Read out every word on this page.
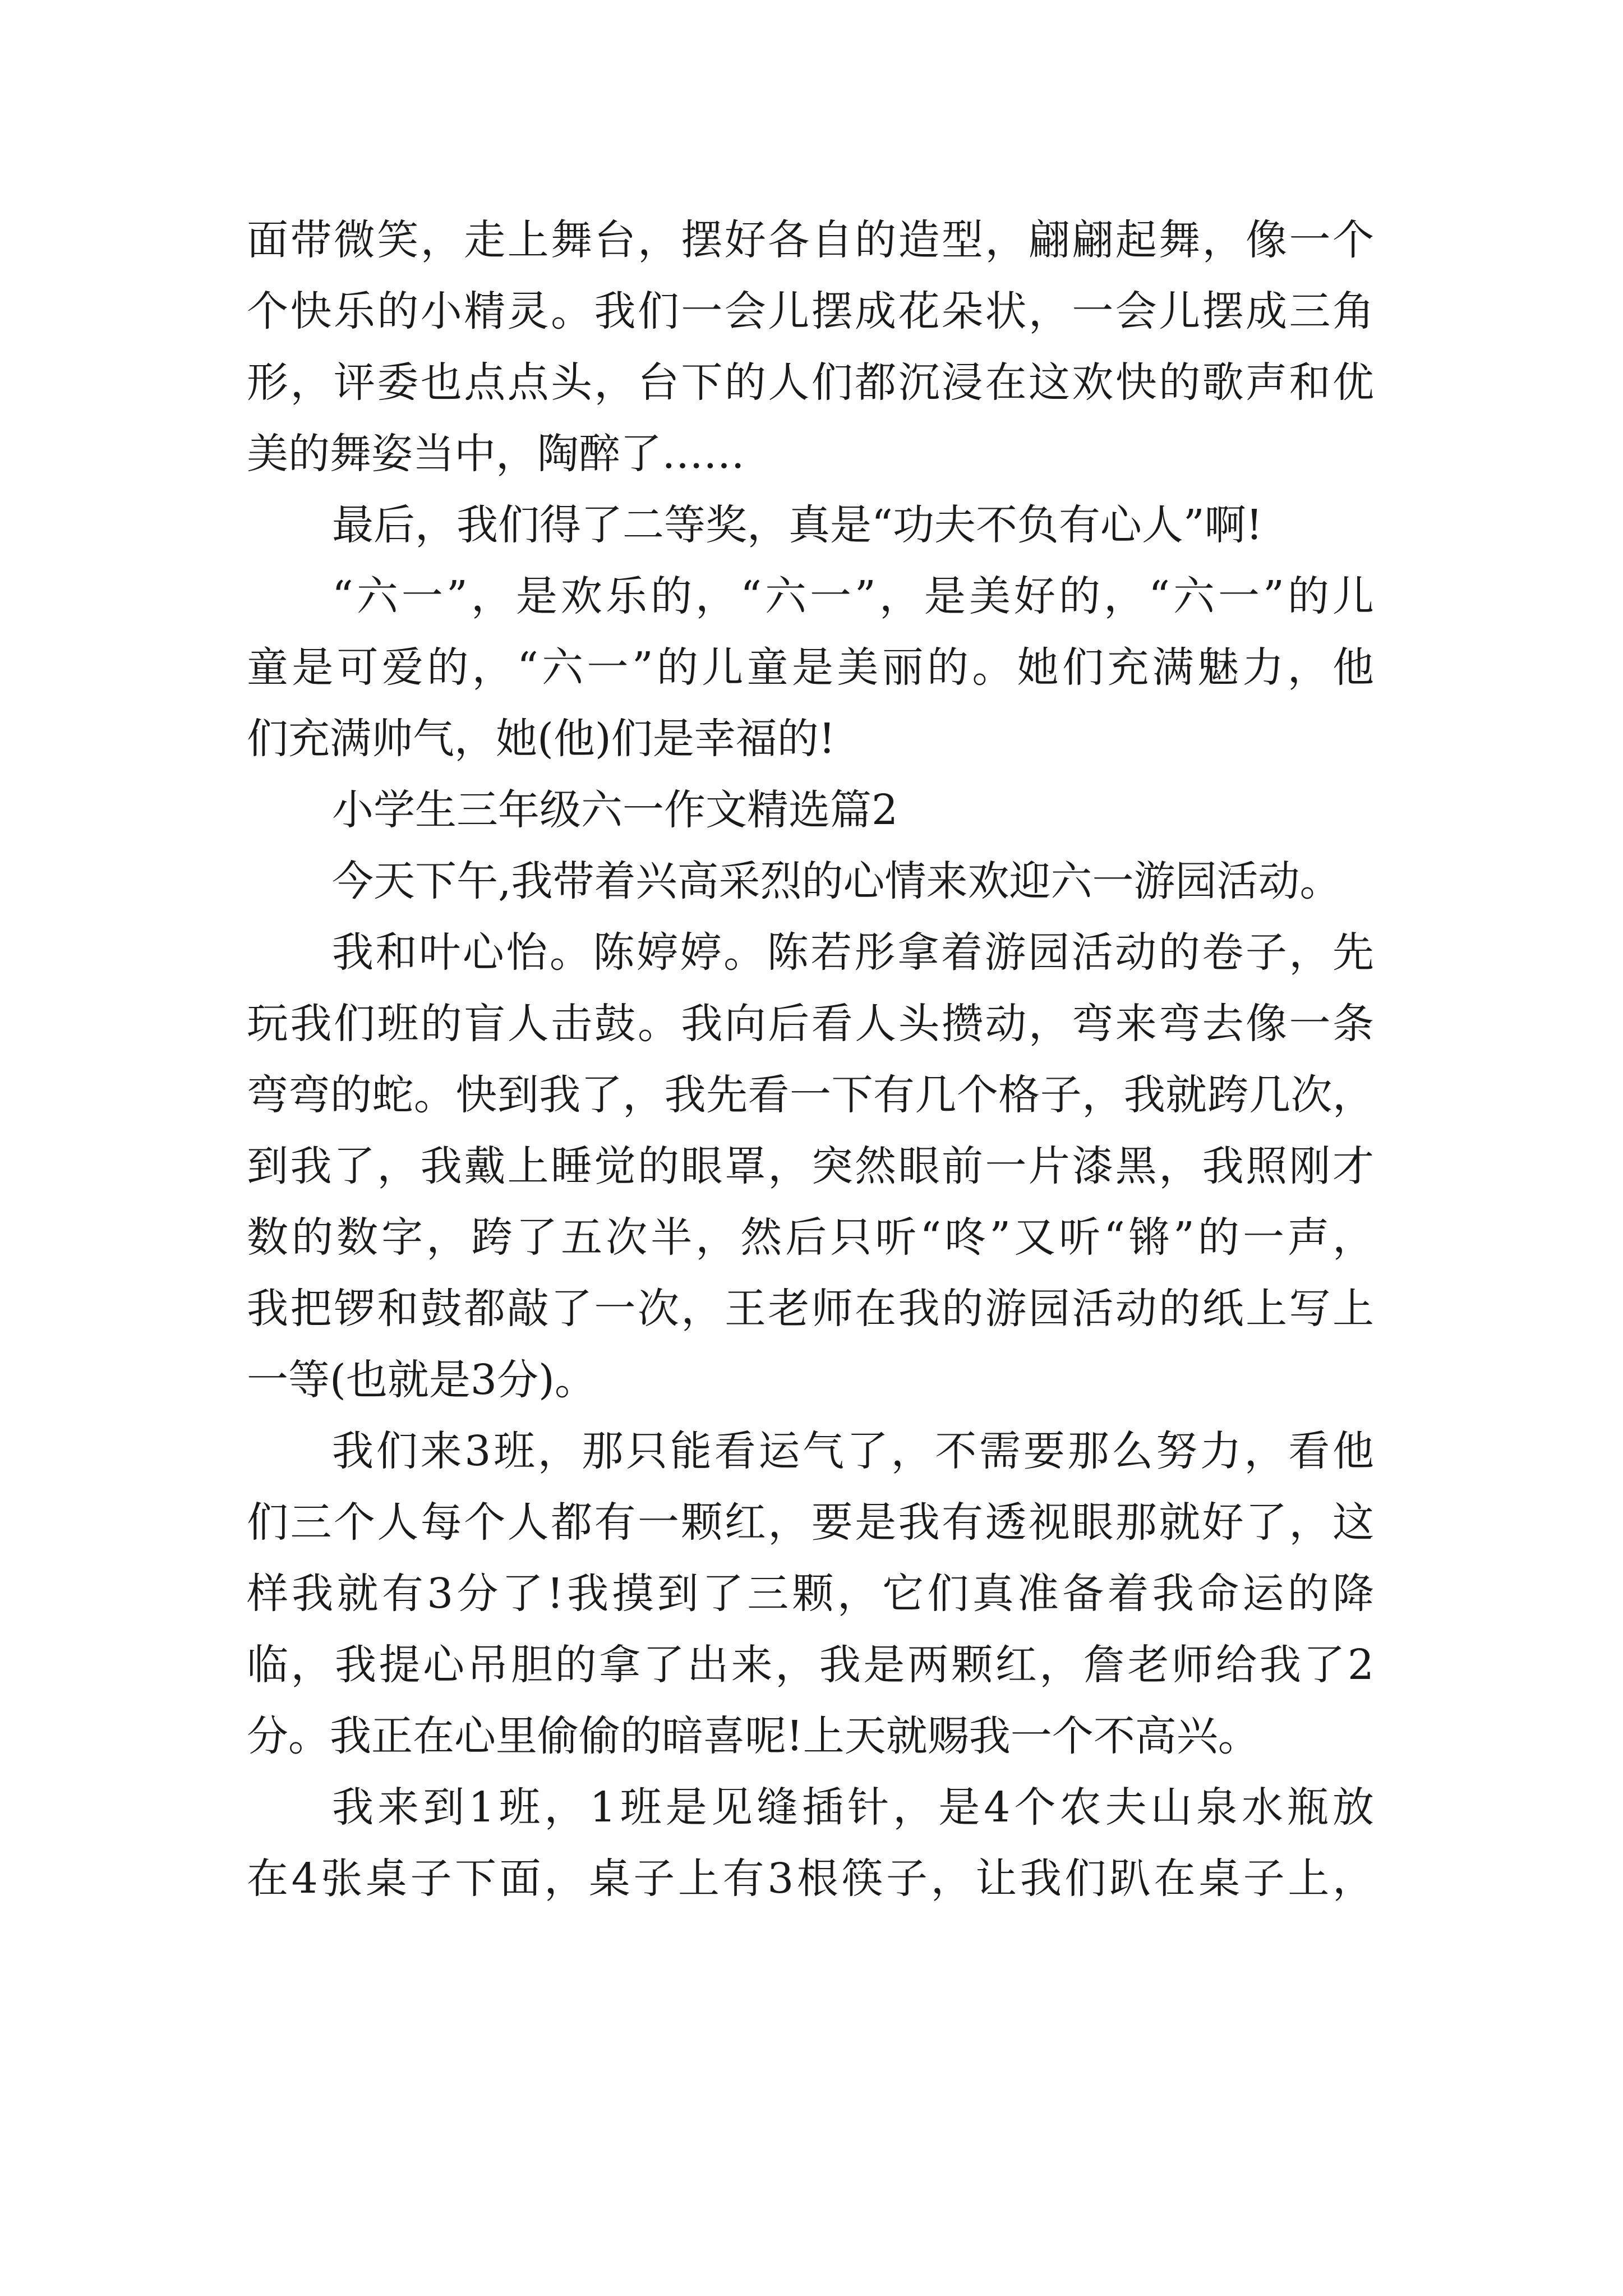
面带微笑，走上舞台，摆好各自的造型，翩翩起舞，像一个
个快乐的小精灵。我们一会儿摆成花朵状，一会儿摆成三角
形，评委也点点头，台下的人们都沉浸在这欢快的歌声和优
美的舞姿当中，陶醉了……
最后，我们得了二等奖，真是“功夫不负有心人”啊!
“六一”，是欢乐的，“六一”，是美好的，“六一”的儿
童是可爱的，“六一”的儿童是美丽的。她们充满魅力，他
们充满帅气，她(他)们是幸福的!
小学生三年级六一作文精选篇2
今天下午,我带着兴高采烈的心情来欢迎六一游园活动。
我和叶心怡。陈婷婷。陈若彤拿着游园活动的卷子，先
玩我们班的盲人击鼓。我向后看人头攒动，弯来弯去像一条
弯弯的蛇。快到我了，我先看一下有几个格子，我就跨几次，
到我了，我戴上睡觉的眼罩，突然眼前一片漆黑，我照刚才
数的数字，跨了五次半，然后只听“咚”又听“锵”的一声，
我把锣和鼓都敲了一次，王老师在我的游园活动的纸上写上
一等(也就是3分)。
我们来3班，那只能看运气了，不需要那么努力，看他
们三个人每个人都有一颗红，要是我有透视眼那就好了，这
样我就有3分了!我摸到了三颗，它们真准备着我命运的降
临，我提心吊胆的拿了出来，我是两颗红，詹老师给我了2
分。我正在心里偷偷的暗喜呢!上天就赐我一个不高兴。
我来到1班，1班是见缝插针，是4个农夫山泉水瓶放
在4张桌子下面，桌子上有3根筷子，让我们趴在桌子上，
